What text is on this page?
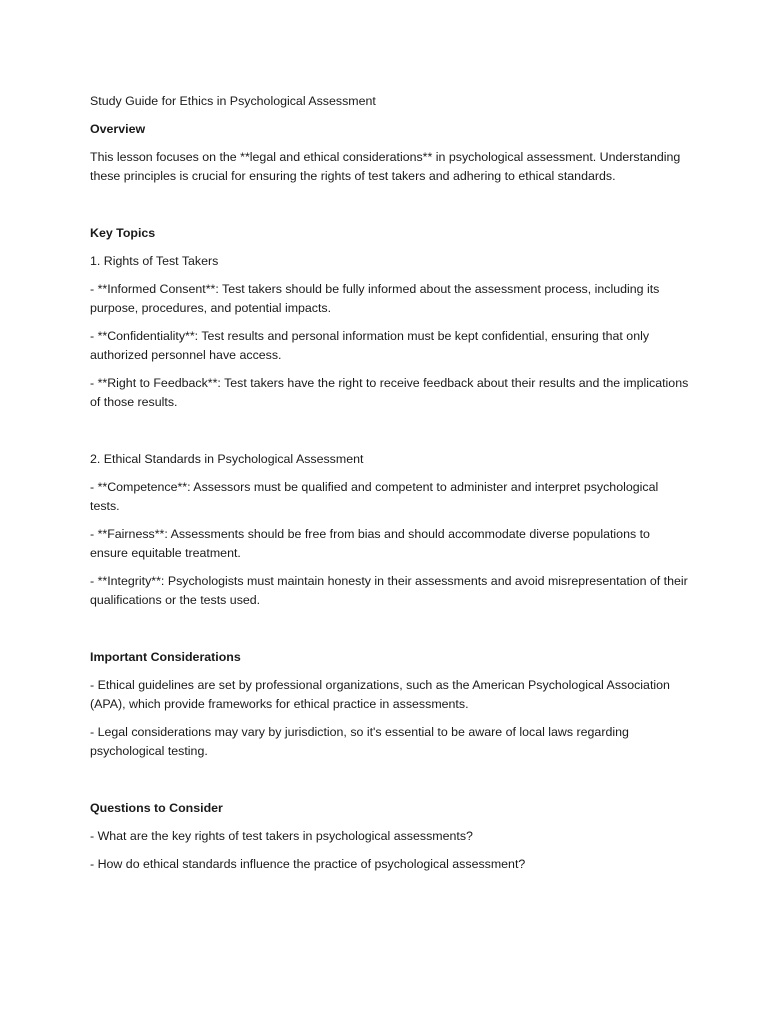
Study Guide for Ethics in Psychological Assessment

Overview

This lesson focuses on the **legal and ethical considerations** in psychological assessment. Understanding these principles is crucial for ensuring the rights of test takers and adhering to ethical standards.

Key Topics

1. Rights of Test Takers

- **Informed Consent**: Test takers should be fully informed about the assessment process, including its purpose, procedures, and potential impacts.

- **Confidentiality**: Test results and personal information must be kept confidential, ensuring that only authorized personnel have access.

- **Right to Feedback**: Test takers have the right to receive feedback about their results and the implications of those results.

2. Ethical Standards in Psychological Assessment

- **Competence**: Assessors must be qualified and competent to administer and interpret psychological tests.

- **Fairness**: Assessments should be free from bias and should accommodate diverse populations to ensure equitable treatment.

- **Integrity**: Psychologists must maintain honesty in their assessments and avoid misrepresentation of their qualifications or the tests used.

Important Considerations

- Ethical guidelines are set by professional organizations, such as the American Psychological Association (APA), which provide frameworks for ethical practice in assessments.

- Legal considerations may vary by jurisdiction, so it's essential to be aware of local laws regarding psychological testing.

Questions to Consider

- What are the key rights of test takers in psychological assessments?

- How do ethical standards influence the practice of psychological assessment?
